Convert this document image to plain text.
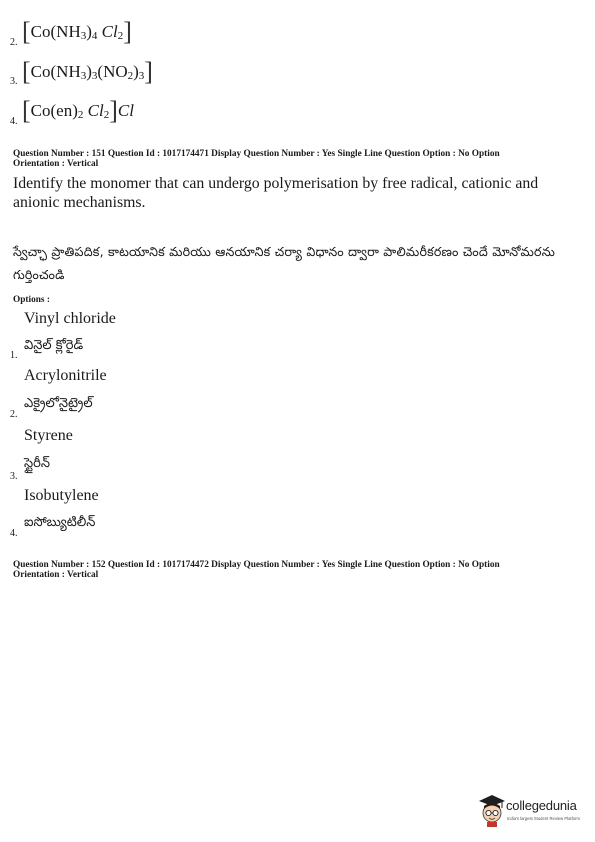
2. [$Co(NH_3)_4$ $Cl_2$]
3. $[Co(NH_3)_3(NO_2)_3]$
4. [$Co(en)_2$ $Cl_2]Cl$
Question Number : 151 Question Id : 1017174471 Display Question Number : Yes Single Line Question Option : No Option
Orientation : Vertical
Identify the monomer that can undergo polymerisation by free radical, cationic and anionic mechanisms.
స్వేచ్ఛా ప్రాతిపదిక, కాటయానిక మరియు ఆనయానిక చర్యా విధానం ద్వారా పాలిమరీకరణం చెందే మోనోమరను గుర్తించండి
Options :
Vinyl chloride
వినైల్ క్లోరైడ్
1.
Acrylonitrile
ఎక్రైలోనైట్రైల్
2.
Styrene
స్టైరీన్
3.
Isobutylene
ఐసోబ్యుటిలీన్
4.
Question Number : 152 Question Id : 1017174472 Display Question Number : Yes Single Line Question Option : No Option
Orientation : Vertical
collegedunia
India's largest Student Review Platform
